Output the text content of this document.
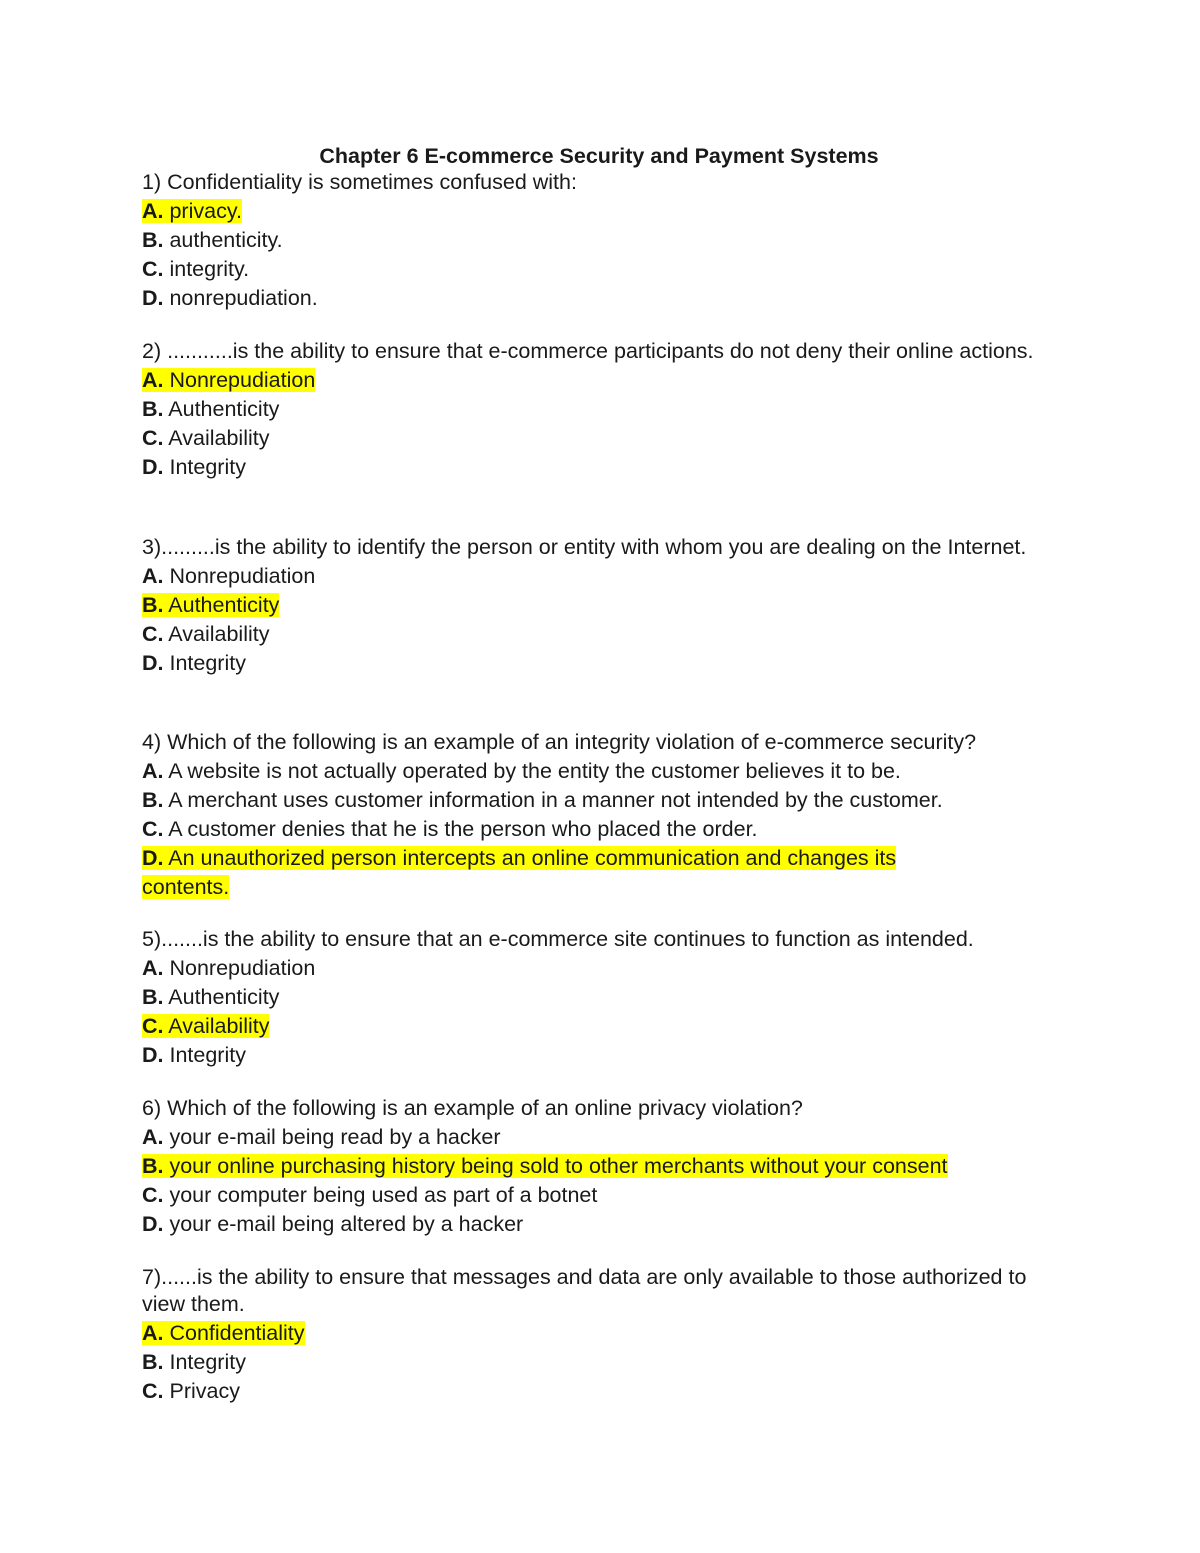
Chapter 6 E-commerce Security and Payment Systems

1) Confidentiality is sometimes confused with:

A. privacy.

B. authenticity.

C. integrity.

D. nonrepudiation.

2) ...........is the ability to ensure that e-commerce participants do not deny their online actions.

A. Nonrepudiation

B. Authenticity

C. Availability

D. Integrity

3).........is the ability to identify the person or entity with whom you are dealing on the Internet.

A. Nonrepudiation

B. Authenticity

C. Availability

D. Integrity

4) Which of the following is an example of an integrity violation of e-commerce security?

A. A website is not actually operated by the entity the customer believes it to be.

B. A merchant uses customer information in a manner not intended by the customer.

C. A customer denies that he is the person who placed the order.

D. An unauthorized person intercepts an online communication and changes its contents.

5).......is the ability to ensure that an e-commerce site continues to function as intended.

A. Nonrepudiation

B. Authenticity

C. Availability

D. Integrity

6) Which of the following is an example of an online privacy violation?

A. your e-mail being read by a hacker

B. your online purchasing history being sold to other merchants without your consent

C. your computer being used as part of a botnet

D. your e-mail being altered by a hacker

7)......is the ability to ensure that messages and data are only available to those authorized to view them.

A. Confidentiality

B. Integrity

C. Privacy
